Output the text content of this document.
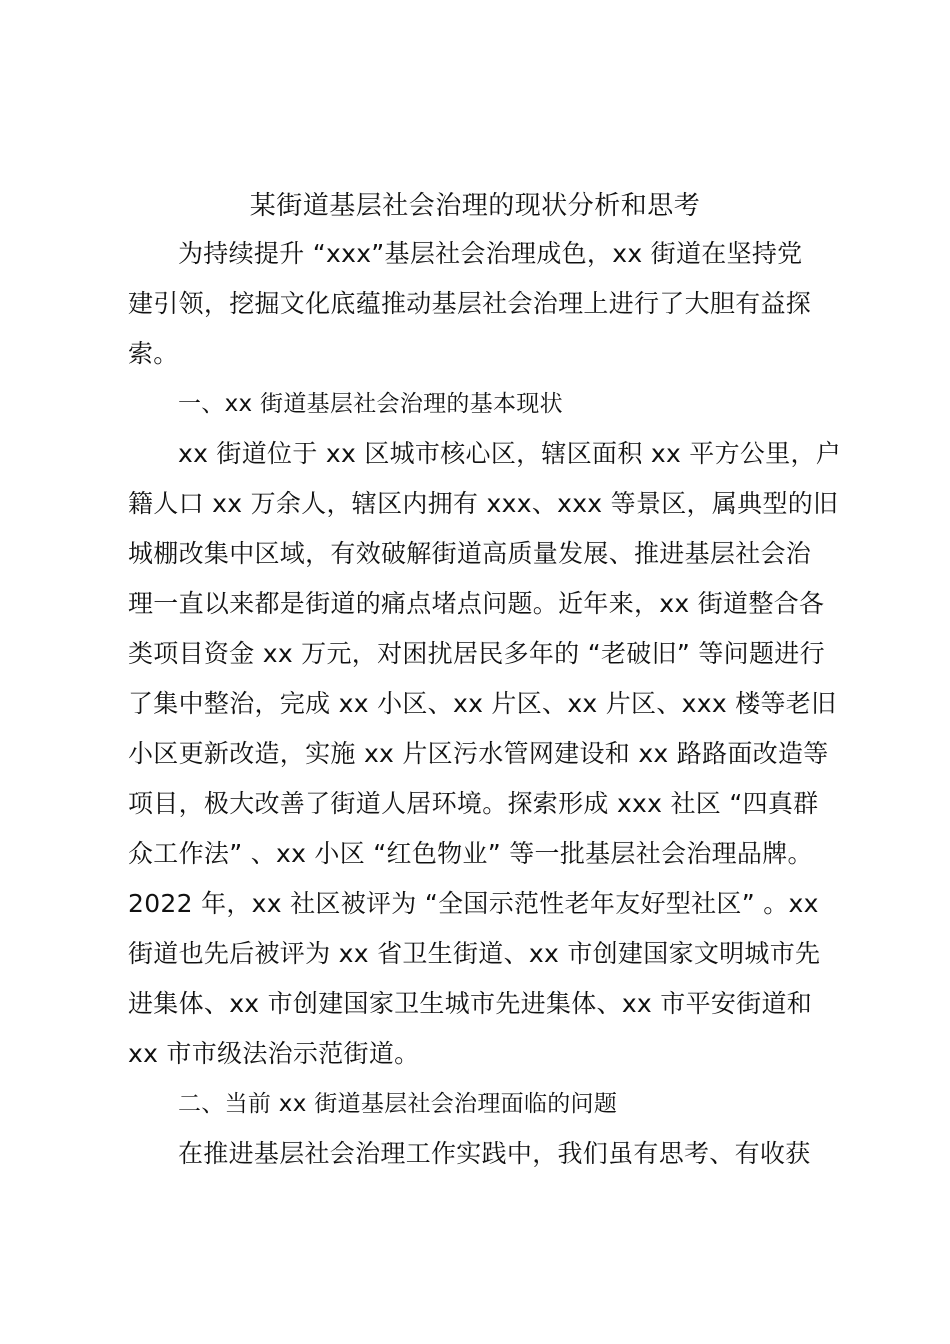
某街道基层社会治理的现状分析和思考
为持续提升 “xxx”基层社会治理成色，xx 街道在坚持党
建引领，挖掘文化底蕴推动基层社会治理上进行了大胆有益探
索。
一、xx 街道基层社会治理的基本现状
xx 街道位于 xx 区城市核心区，辖区面积 xx 平方公里，户
籍人口 xx 万余人，辖区内拥有 xxx、xxx 等景区，属典型的旧
城棚改集中区域，有效破解街道高质量发展、推进基层社会治
理一直以来都是街道的痛点堵点问题。近年来，xx 街道整合各
类项目资金 xx 万元，对困扰居民多年的 “老破旧” 等问题进行
了集中整治，完成 xx 小区、xx 片区、xx 片区、xxx 楼等老旧
小区更新改造，实施 xx 片区污水管网建设和 xx 路路面改造等
项目，极大改善了街道人居环境。探索形成 xxx 社区 “四真群
众工作法” 、xx 小区 “红色物业” 等一批基层社会治理品牌。
2022 年，xx 社区被评为 “全国示范性老年友好型社区” 。xx
街道也先后被评为 xx 省卫生街道、xx 市创建国家文明城市先
进集体、xx 市创建国家卫生城市先进集体、xx 市平安街道和
xx 市市级法治示范街道。
二、当前 xx 街道基层社会治理面临的问题
在推进基层社会治理工作实践中，我们虽有思考、有收获
